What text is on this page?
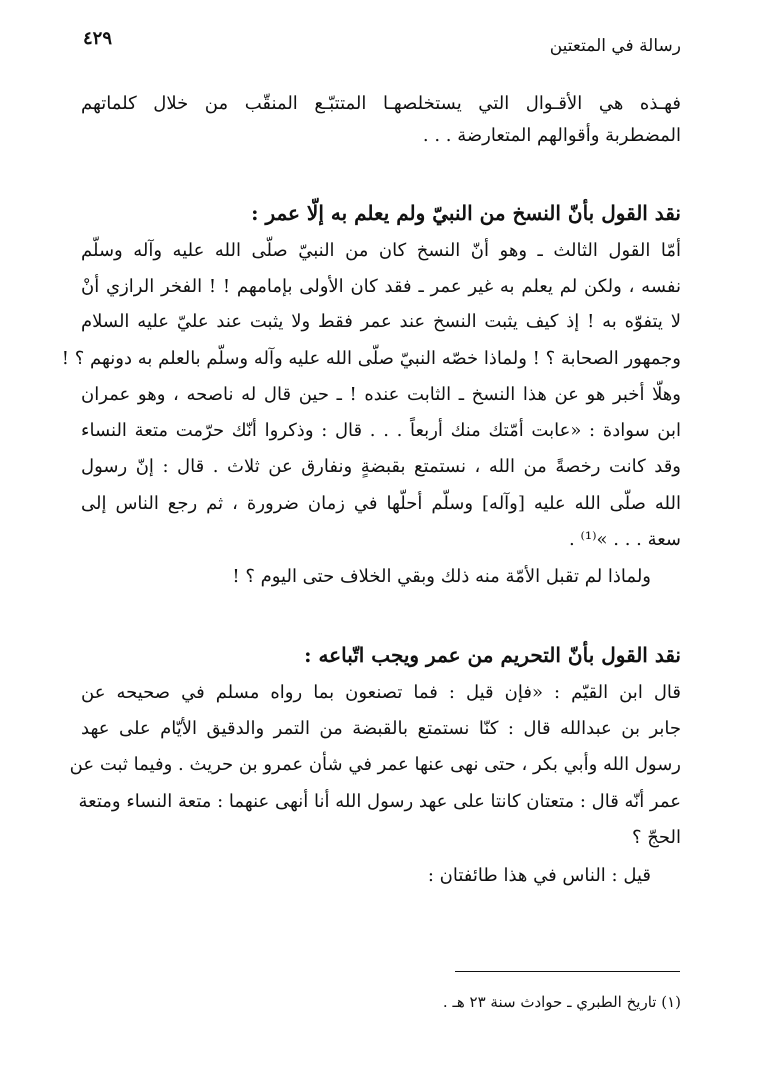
رسالة في المتعتين
٤٢٩
فهـذه هي الأقـوال التي يستخلصهـا المتتبّـع المنقّب من خلال كلماتهم
المضطربة وأقوالهم المتعارضة . . .
نقد القول بأنّ النسخ من النبيّ ولم يعلم به إلّا عمر :
أمّا القول الثالث ـ وهو أنّ النسخ كان من النبيّ صلّى الله عليه وآله وسلّم
نفسه ، ولكن لم يعلم به غير عمر ـ فقد كان الأولى بإمامهم ! ! الفخر الرازي أنْ
لا يتفوّه به ! إذ كيف يثبت النسخ عند عمر فقط ولا يثبت عند عليّ عليه السلام
وجمهور الصحابة ؟ ! ولماذا خصّه النبيّ صلّى الله عليه وآله وسلّم بالعلم به دونهم ؟ !
وهلّا أخبر هو عن هذا النسخ ـ الثابت عنده ! ـ حين قال له ناصحه ، وهو عمران
ابن سوادة : «عابت أمّتك منك أربعاً . . . قال : وذكروا أنّك حرّمت متعة النساء
وقد كانت رخصةً من الله ، نستمتع بقبضةٍ ونفارق عن ثلاث . قال : إنّ رسول
الله صلّى الله عليه [وآله] وسلّم أحلّها في زمان ضرورة ، ثم رجع الناس إلى
سعة . . . »⁽¹⁾ .
ولماذا لم تقبل الأمّة منه ذلك وبقي الخلاف حتى اليوم ؟ !
نقد القول بأنّ التحريم من عمر ويجب اتّباعه :
قال ابن القيّم : «فإن قيل : فما تصنعون بما رواه مسلم في صحيحه عن
جابر بن عبدالله قال : كنّا نستمتع بالقبضة من التمر والدقيق الأيّام على عهد
رسول الله وأبي بكر ، حتى نهى عنها عمر في شأن عمرو بن حريث . وفيما ثبت عن
عمر أنّه قال : متعتان كانتا على عهد رسول الله أنا أنهى عنهما : متعة النساء ومتعة
الحجّ ؟
قيل : الناس في هذا طائفتان :
(١) تاريخ الطبري ـ حوادث سنة ٢٣ هـ .
